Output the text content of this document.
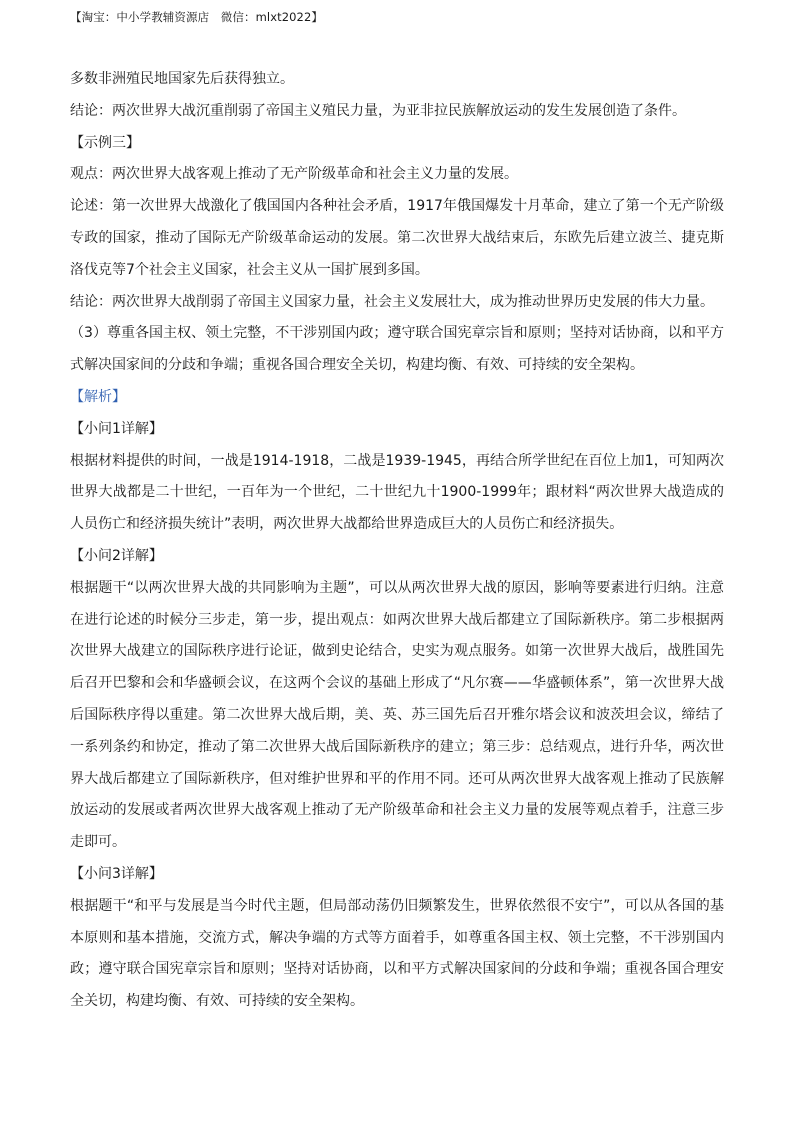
【淘宝：中小学教辅资源店　微信：mlxt2022】

多数非洲殖民地国家先后获得独立。

结论：两次世界大战沉重削弱了帝国主义殖民力量，为亚非拉民族解放运动的发生发展创造了条件。

【示例三】

观点：两次世界大战客观上推动了无产阶级革命和社会主义力量的发展。

论述：第一次世界大战激化了俄国国内各种社会矛盾，1917年俄国爆发十月革命，建立了第一个无产阶级专政的国家，推动了国际无产阶级革命运动的发展。第二次世界大战结束后，东欧先后建立波兰、捷克斯洛伐克等7个社会主义国家，社会主义从一国扩展到多国。

结论：两次世界大战削弱了帝国主义国家力量，社会主义发展壮大，成为推动世界历史发展的伟大力量。

（3）尊重各国主权、领土完整，不干涉别国内政；遵守联合国宪章宗旨和原则；坚持对话协商，以和平方式解决国家间的分歧和争端；重视各国合理安全关切，构建均衡、有效、可持续的安全架构。

【解析】

【小问1详解】

根据材料提供的时间，一战是1914-1918，二战是1939-1945，再结合所学世纪在百位上加1，可知两次世界大战都是二十世纪，一百年为一个世纪，二十世纪九十1900-1999年；跟材料“两次世界大战造成的人员伤亡和经济损失统计”表明，两次世界大战都给世界造成巨大的人员伤亡和经济损失。

【小问2详解】

根据题干“以两次世界大战的共同影响为主题”，可以从两次世界大战的原因，影响等要素进行归纳。注意在进行论述的时候分三步走，第一步，提出观点：如两次世界大战后都建立了国际新秩序。第二步根据两次世界大战建立的国际秩序进行论证，做到史论结合，史实为观点服务。如第一次世界大战后，战胜国先后召开巴黎和会和华盛顿会议，在这两个会议的基础上形成了“凡尔赛——华盛顿体系”，第一次世界大战后国际秩序得以重建。第二次世界大战后期，美、英、苏三国先后召开雅尔塔会议和波茨坦会议，缔结了一系列条约和协定，推动了第二次世界大战后国际新秩序的建立；第三步：总结观点，进行升华，两次世界大战后都建立了国际新秩序，但对维护世界和平的作用不同。还可从两次世界大战客观上推动了民族解放运动的发展或者两次世界大战客观上推动了无产阶级革命和社会主义力量的发展等观点着手，注意三步走即可。

【小问3详解】

根据题干“和平与发展是当今时代主题，但局部动荡仍旧频繁发生，世界依然很不安宁”，可以从各国的基本原则和基本措施，交流方式，解决争端的方式等方面着手，如尊重各国主权、领土完整，不干涉别国内政；遵守联合国宪章宗旨和原则；坚持对话协商，以和平方式解决国家间的分歧和争端；重视各国合理安全关切，构建均衡、有效、可持续的安全架构。
